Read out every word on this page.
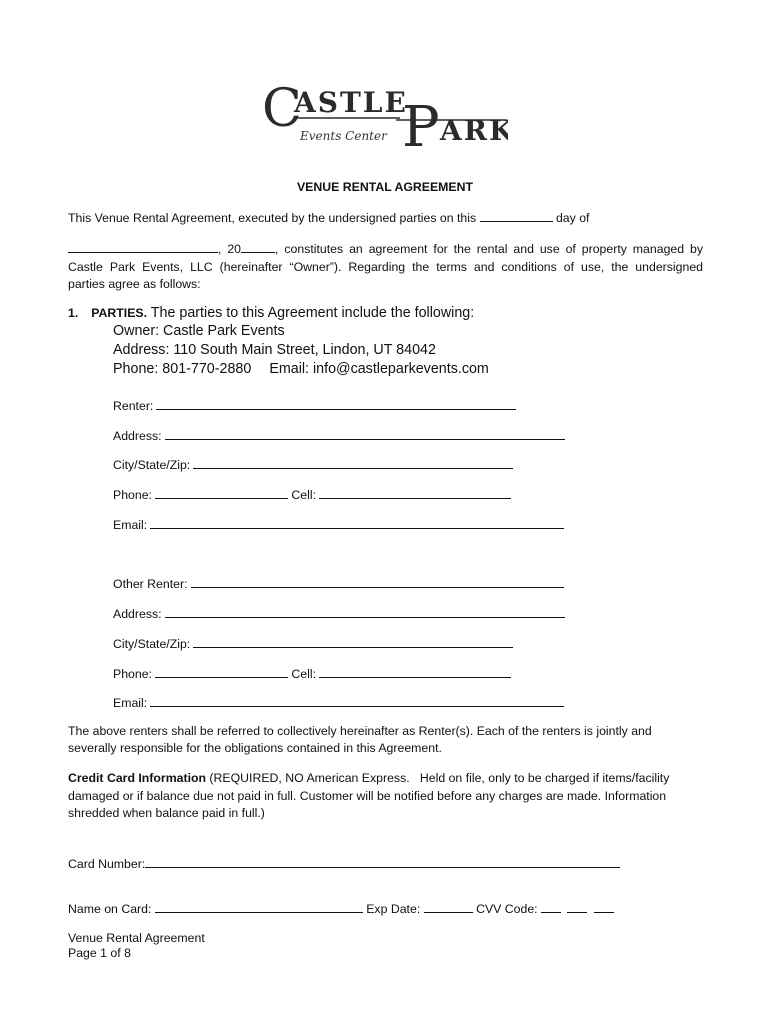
C
ASTLE
Events Center P ARK
VENUE RENTAL AGREEMENT
This Venue Rental Agreement, executed by the undersigned parties on this	day of
, 20	, constitutes an agreement for the rental and use of property managed by
Castle Park Events, LLC (hereinafter “Owner”). Regarding the terms and conditions of use, the undersigned
parties agree as follows:
1. PARTIES. The parties to this Agreement include the following:
Owner: Castle Park Events
Address: 110 South Main Street, Lindon, UT 84042
Phone: 801-770-2880 Email: info@castleparkevents.com
Renter:
Address:
City/State/Zip:
Phone:	Cell:
Email:
Other Renter:
Address:
City/State/Zip:
Phone:	Cell:
Email:
The above renters shall be referred to collectively hereinafter as Renter(s). Each of the renters is jointly and
severally responsible for the obligations contained in this Agreement.
Credit Card Information (REQUIRED, NO American Express.   Held on file, only to be charged if items/facility
damaged or if balance due not paid in full. Customer will be notified before any charges are made. Information
shredded when balance paid in full.)
Card Number:
Name on Card:	Exp Date:	CVV Code:
Venue Rental Agreement
Page 1 of 8
